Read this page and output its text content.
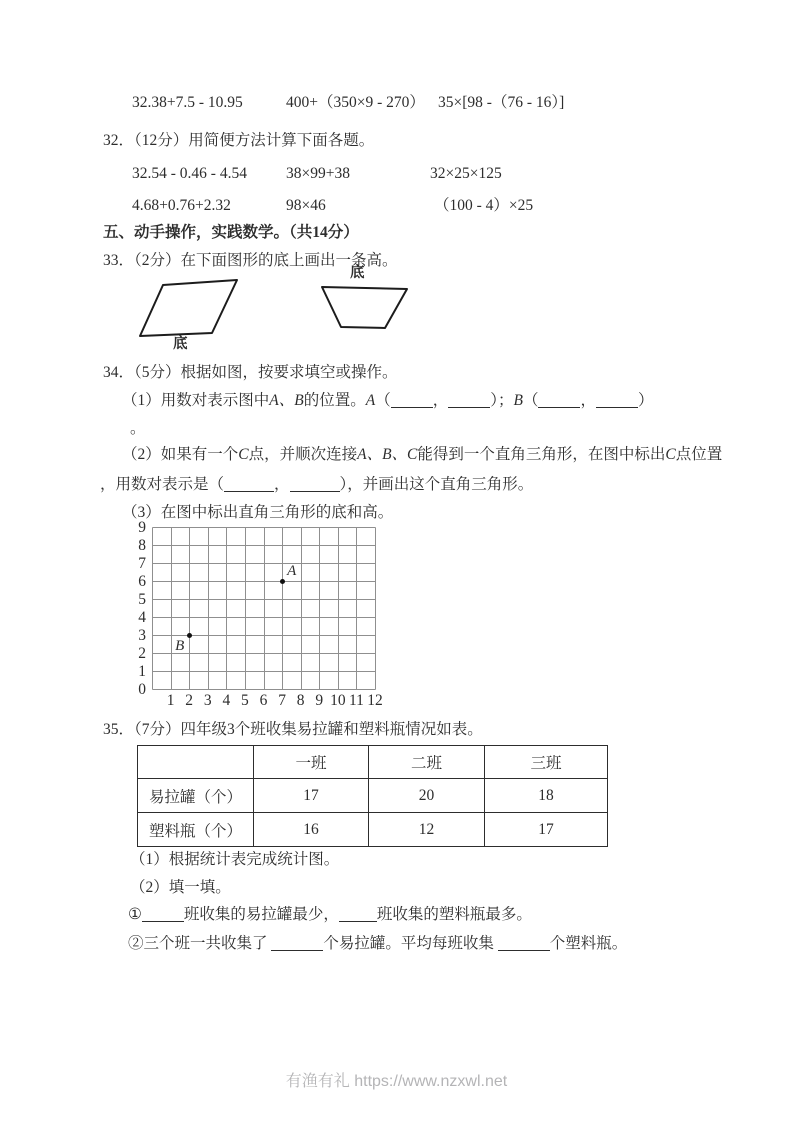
32.38+7.5 - 10.95	400+（350×9 - 270） 35×[98 -（76 - 16）]
32．（12分）用简便方法计算下面各题。
32.54 - 0.46 - 4.54	38×99+38	32×25×125
4.68+0.76+2.32	98×46	（100 - 4）×25
五、动手操作，实践数学。（共14分）
33．（2分）在下面图形的底上画出一条高。
底
底
34．（5分）根据如图，按要求填空或操作。
（1）用数对表示图中A、B的位置。A（	，	）；B（	，	）
。
（2）如果有一个C点，并顺次连接A、B、C能得到一个直角三角形，在图中标出C点位置
，用数对表示是（	，	），并画出这个直角三角形。
（3）在图中标出直角三角形的底和高。
9
8
7
6
5
4
3
2
1
0
1 2 3 4 5 6 7 8 9 10 11 12
A
B
35．（7分）四年级3个班收集易拉罐和塑料瓶情况如表。
	一班	二班	三班
易拉罐（个）	17	20	18
塑料瓶（个）	16	12	17
（1）根据统计表完成统计图。
（2）填一填。
①	班收集的易拉罐最少， 班收集的塑料瓶最多。
②三个班一共收集了	个易拉罐。平均每班收集	个塑料瓶。
有渔有礼 https://www.nzxwl.net
